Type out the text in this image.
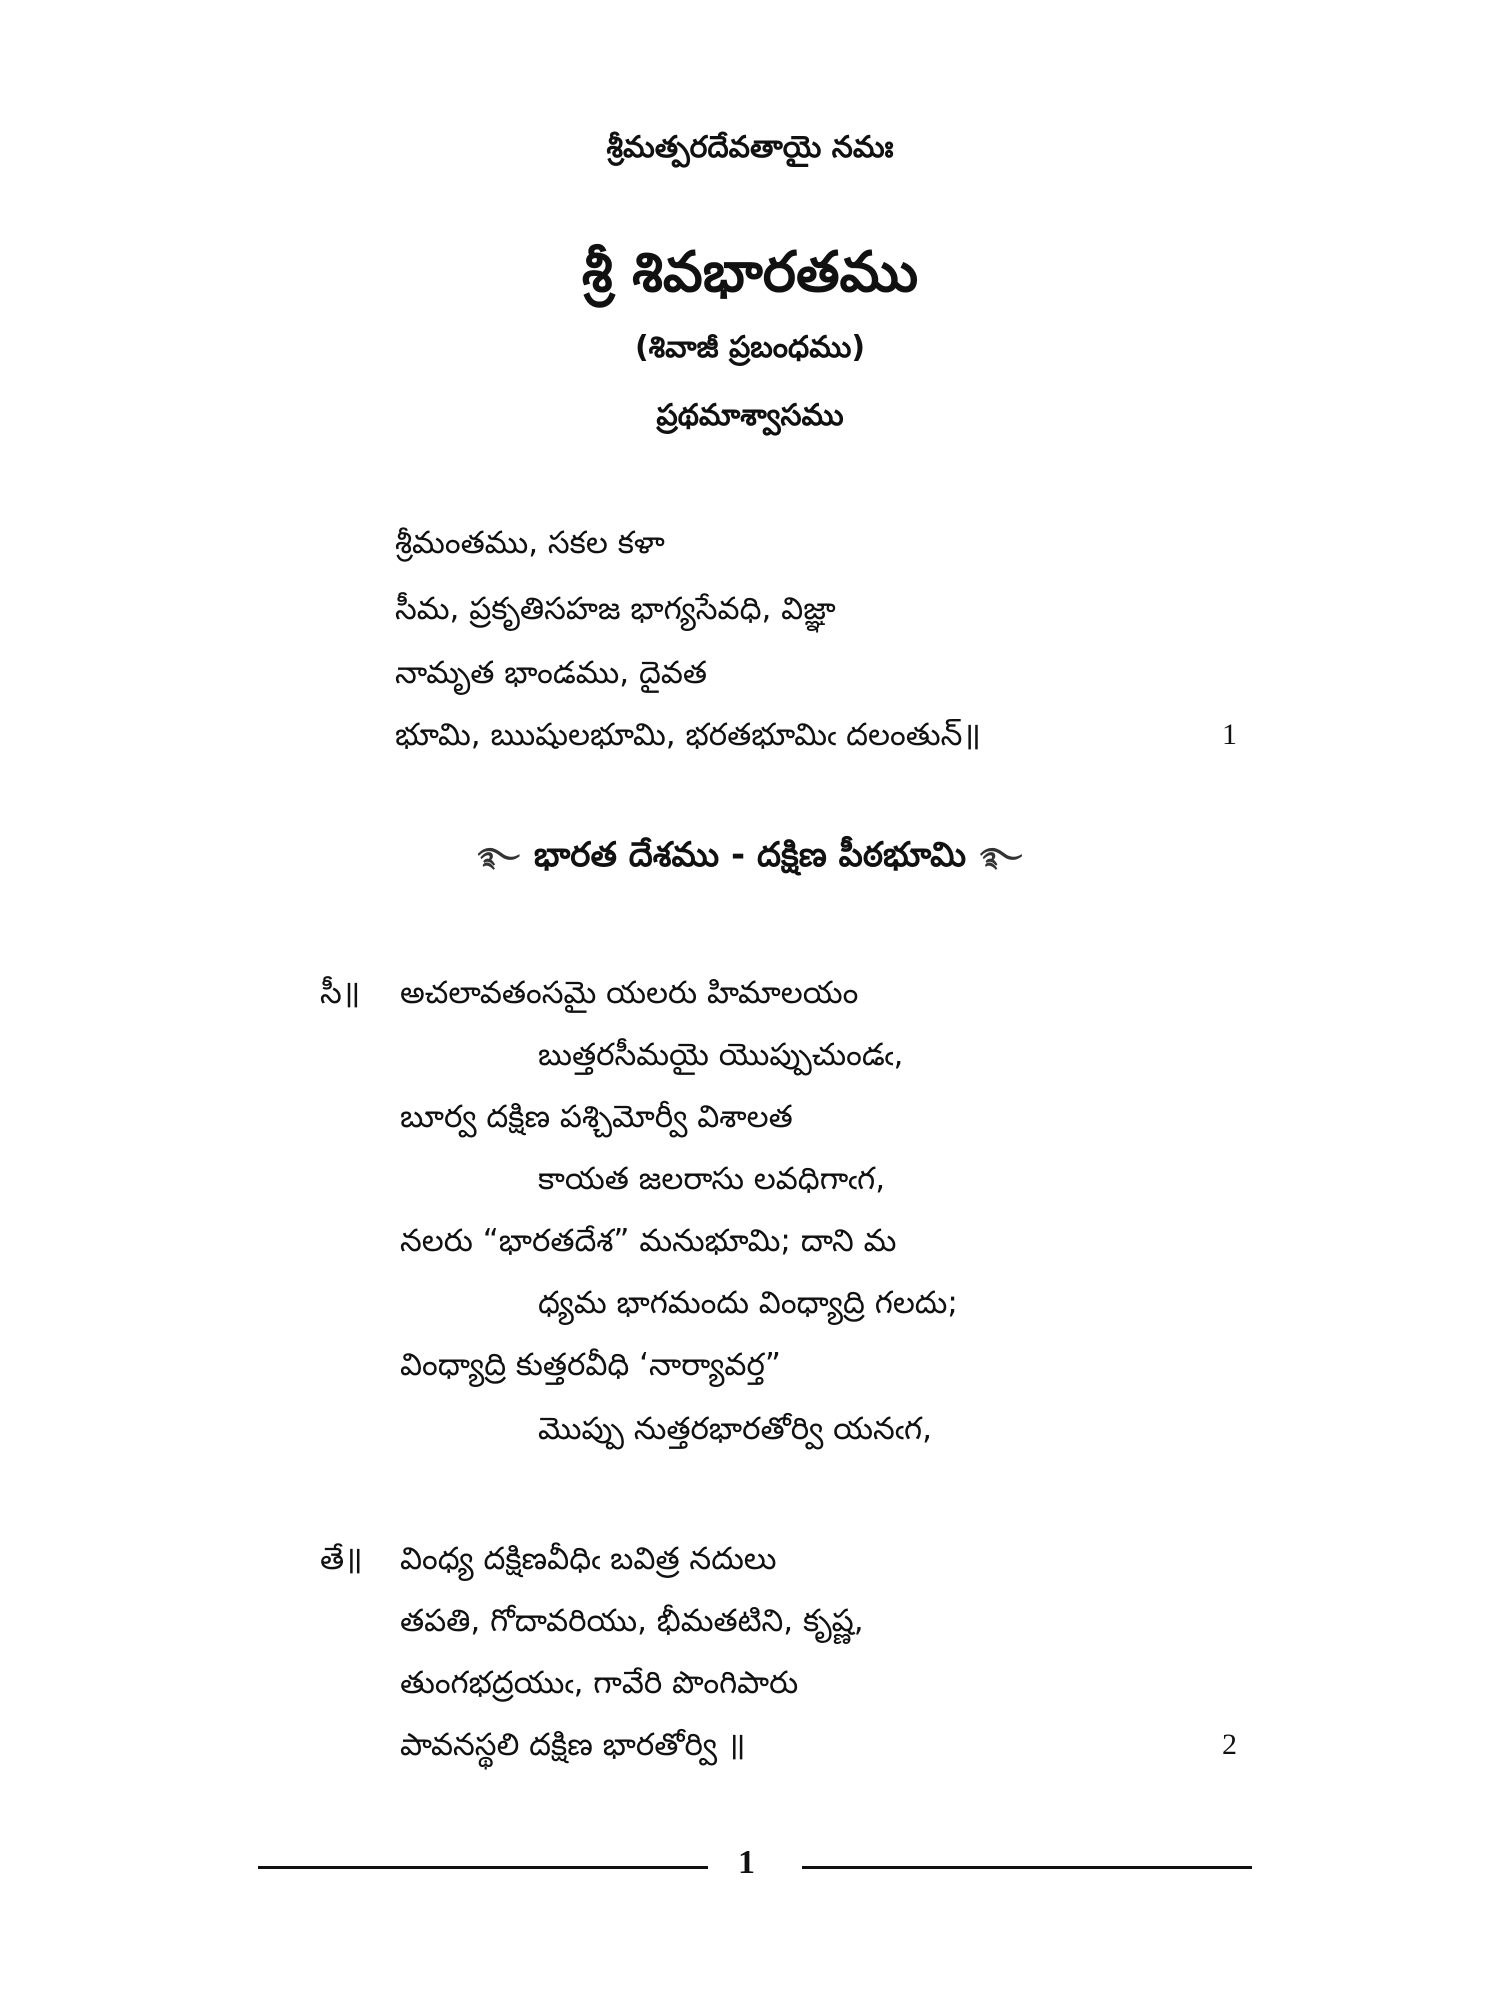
శ్రీమత్పరదేవతాయై నమః
శ్రీ శివభారతము
(శివాజీ ప్రబంధము)
ప్రథమాశ్వాసము
శ్రీమంతము, సకల కళా
సీమ, ప్రకృతిసహజ భాగ్యసేవధి, విజ్ఞా
నామృత భాండము, దైవత
భూమి, ఋషులభూమి, భరతభూమిఁ దలంతున్॥	1
࿐ భారత దేశము - దక్షిణ పీఠభూమి ࿐
సీ॥ అచలావతంసమై యలరు హిమాలయం
బుత్తరసీమయై యొప్పుచుండఁ,
బూర్వ దక్షిణ పశ్చిమోర్వీ విశాలత
కాయత జలరాసు లవధిగాఁగ,
నలరు “భారతదేశ” మనుభూమి; దాని మ
ధ్యమ భాగమందు వింధ్యాద్రి గలదు;
వింధ్యాద్రి కుత్తరవీధి ‘నార్యావర్త”
మొప్పు నుత్తరభారతోర్వి యనఁగ,
తే॥ వింధ్య దక్షిణవీధిఁ బవిత్ర నదులు
తపతి, గోదావరియు, భీమతటిని, కృష్ణ,
తుంగభద్రయుఁ, గావేరి పొంగిపారు
పావనస్థలి దక్షిణ భారతోర్వి ॥	2
1
